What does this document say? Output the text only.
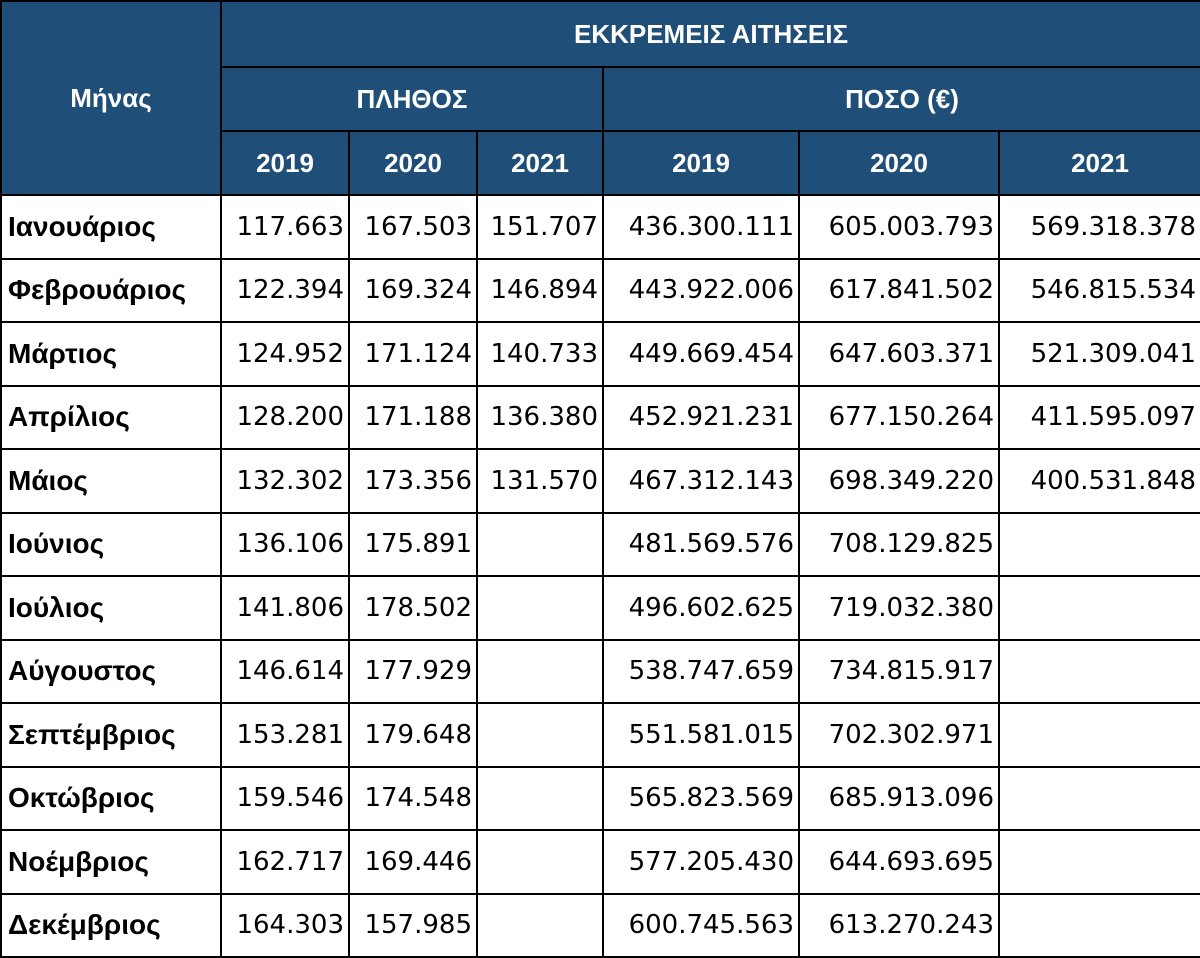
Μήνας	ΕΚΚΡΕΜΕΙΣ ΑΙΤΗΣΕΙΣ					
	ΠΛΗΘΟΣ			ΠΟΣΟ (€)		
	2019	2020	2021	2019	2020	2021
Ιανουάριος	117.663	167.503	151.707	436.300.111	605.003.793	569.318.378
Φεβρουάριος	122.394	169.324	146.894	443.922.006	617.841.502	546.815.534
Μάρτιος	124.952	171.124	140.733	449.669.454	647.603.371	521.309.041
Απρίλιος	128.200	171.188	136.380	452.921.231	677.150.264	411.595.097
Μάιος	132.302	173.356	131.570	467.312.143	698.349.220	400.531.848
Ιούνιος	136.106	175.891		481.569.576	708.129.825	
Ιούλιος	141.806	178.502		496.602.625	719.032.380	
Αύγουστος	146.614	177.929		538.747.659	734.815.917	
Σεπτέμβριος	153.281	179.648		551.581.015	702.302.971	
Οκτώβριος	159.546	174.548		565.823.569	685.913.096	
Νοέμβριος	162.717	169.446		577.205.430	644.693.695	
Δεκέμβριος	164.303	157.985		600.745.563	613.270.243	
